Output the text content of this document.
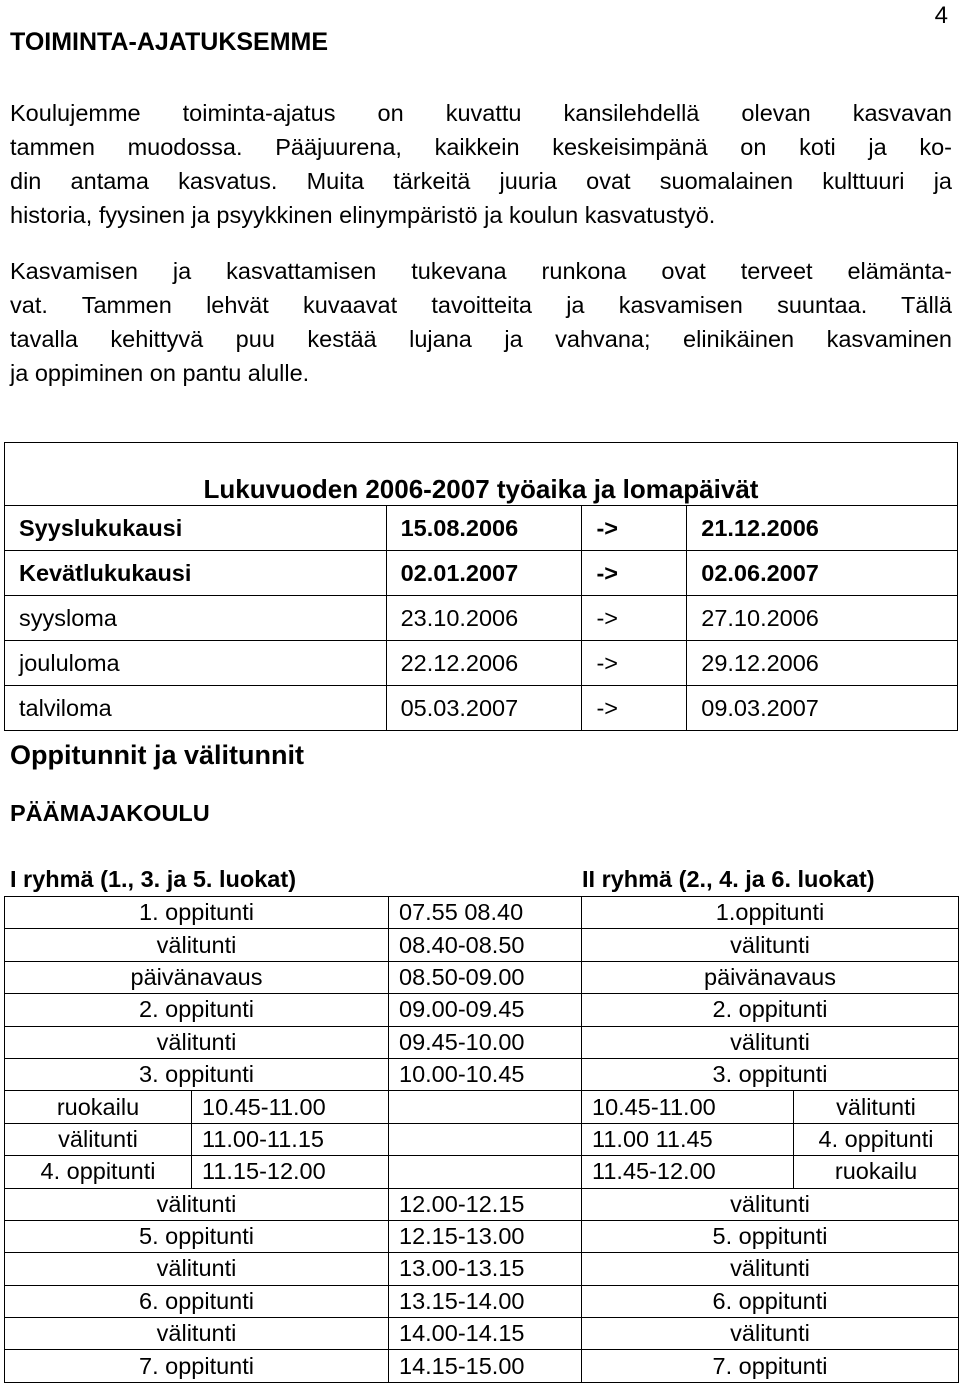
4
TOIMINTA-AJATUKSEMME
Koulujemme toiminta-ajatus on kuvattu kansilehdellä olevan kasvavan
tammen muodossa. Pääjuurena, kaikkein keskeisimpänä on koti ja ko-
din antama kasvatus. Muita tärkeitä juuria ovat suomalainen kulttuuri ja
historia, fyysinen ja psyykkinen elinympäristö ja koulun kasvatustyö.
Kasvamisen ja kasvattamisen tukevana runkona ovat terveet elämänta-
vat. Tammen lehvät kuvaavat tavoitteita ja kasvamisen suuntaa. Tällä
tavalla kehittyvä puu kestää lujana ja vahvana; elinikäinen kasvaminen
ja oppiminen on pantu alulle.
Lukuvuoden 2006-2007 työaika ja lomapäivät			
Syyslukukausi	15.08.2006	->	21.12.2006
Kevätlukukausi	02.01.2007	->	02.06.2007
syysloma	23.10.2006	->	27.10.2006
joululoma	22.12.2006	->	29.12.2006
talviloma	05.03.2007	->	09.03.2007
Oppitunnit ja välitunnit
PÄÄMAJAKOULU
I ryhmä (1., 3. ja 5. luokat)	II ryhmä (2., 4. ja 6. luokat)
1. oppitunti		07.55 08.40	1.oppitunti	
välitunti		08.40-08.50	välitunti	
päivänavaus		08.50-09.00	päivänavaus	
2. oppitunti		09.00-09.45	2. oppitunti	
välitunti		09.45-10.00	välitunti	
3. oppitunti		10.00-10.45	3. oppitunti	
ruokailu	10.45-11.00		10.45-11.00	välitunti
välitunti	11.00-11.15		11.00 11.45	4. oppitunti
4. oppitunti	11.15-12.00		11.45-12.00	ruokailu
välitunti		12.00-12.15	välitunti	
5. oppitunti		12.15-13.00	5. oppitunti	
välitunti		13.00-13.15	välitunti	
6. oppitunti		13.15-14.00	6. oppitunti	
välitunti		14.00-14.15	välitunti	
7. oppitunti		14.15-15.00	7. oppitunti	
